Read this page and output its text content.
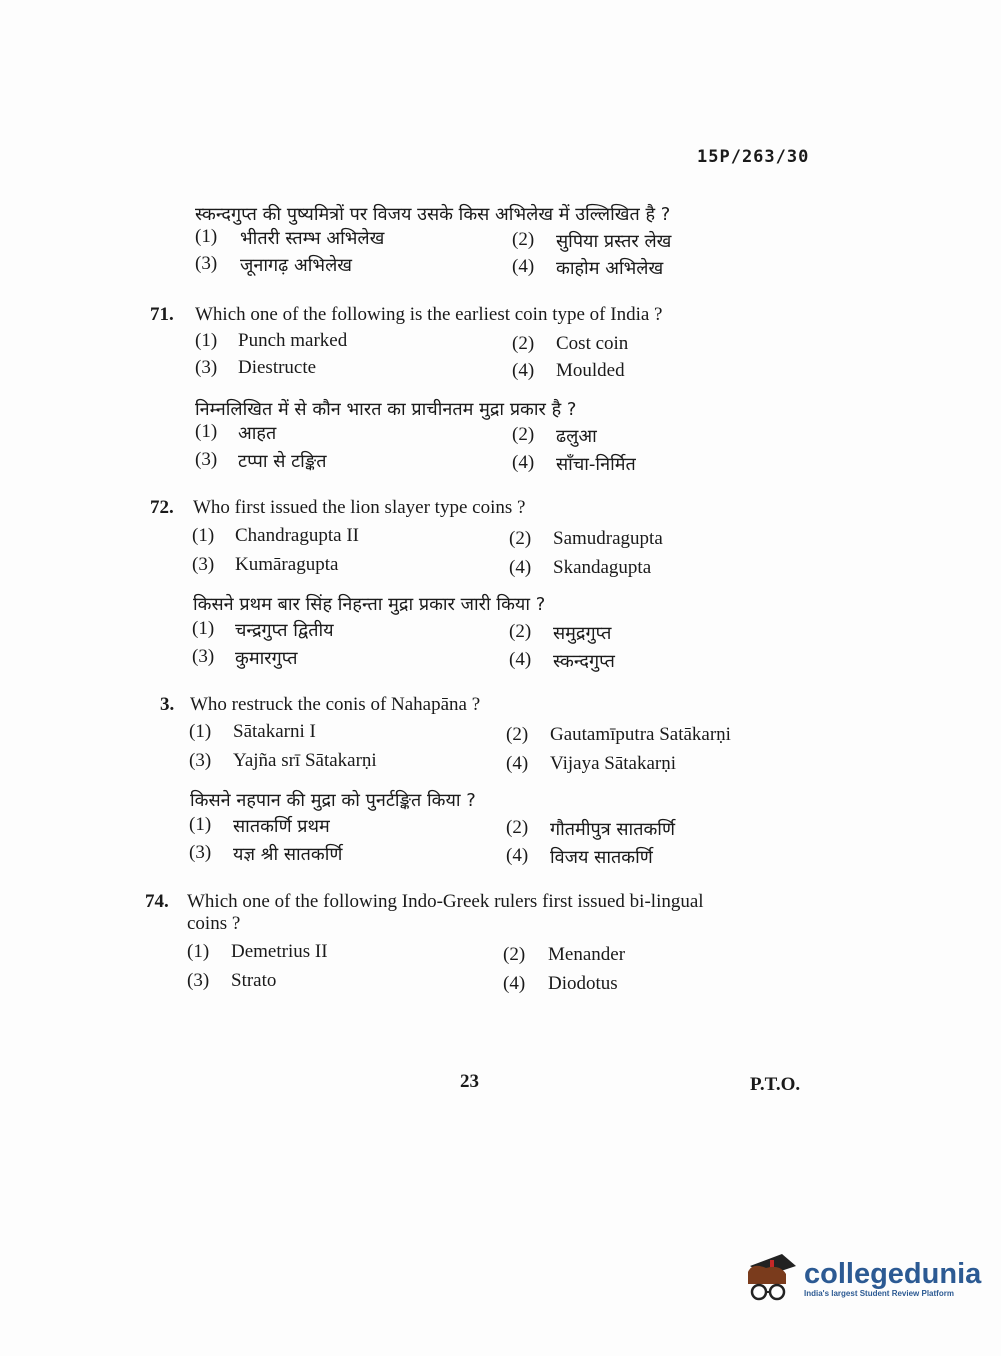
15P/263/30
स्कन्दगुप्त की पुष्यमित्रों पर विजय उसके किस अभिलेख में उल्लिखित है ?
(1) भीतरी स्तम्भ अभिलेख	(2) सुपिया प्रस्तर लेख
(3) जूनागढ़ अभिलेख	(4) काहोम अभिलेख
71. Which one of the following is the earliest coin type of India ?
(1) Punch marked	(2) Cost coin
(3) Diestructe	(4) Moulded
निम्नलिखित में से कौन भारत का प्राचीनतम मुद्रा प्रकार है ?
(1) आहत	(2) ढलुआ
(3) टप्पा से टङ्कित	(4) साँचा-निर्मित
72. Who first issued the lion slayer type coins ?
(1) Chandragupta II	(2) Samudragupta
(3) Kumāragupta	(4) Skandagupta
किसने प्रथम बार सिंह निहन्ता मुद्रा प्रकार जारी किया ?
(1) चन्द्रगुप्त द्वितीय	(2) समुद्रगुप्त
(3) कुमारगुप्त	(4) स्कन्दगुप्त
3. Who restruck the conis of Nahapāna ?
(1) Sātakarni I	(2) Gautamīputra Satākarṇi
(3) Yajña srī Sātakarṇi	(4) Vijaya Sātakarṇi
किसने नहपान की मुद्रा को पुनर्टङ्कित किया ?
(1) सातकर्णि प्रथम	(2) गौतमीपुत्र सातकर्णि
(3) यज्ञ श्री सातकर्णि	(4) विजय सातकर्णि
74. Which one of the following Indo-Greek rulers first issued bi-lingual
coins ?
(1) Demetrius II	(2) Menander
(3) Strato	(4) Diodotus
23	P.T.O.
collegedunia
India's largest Student Review Platform
